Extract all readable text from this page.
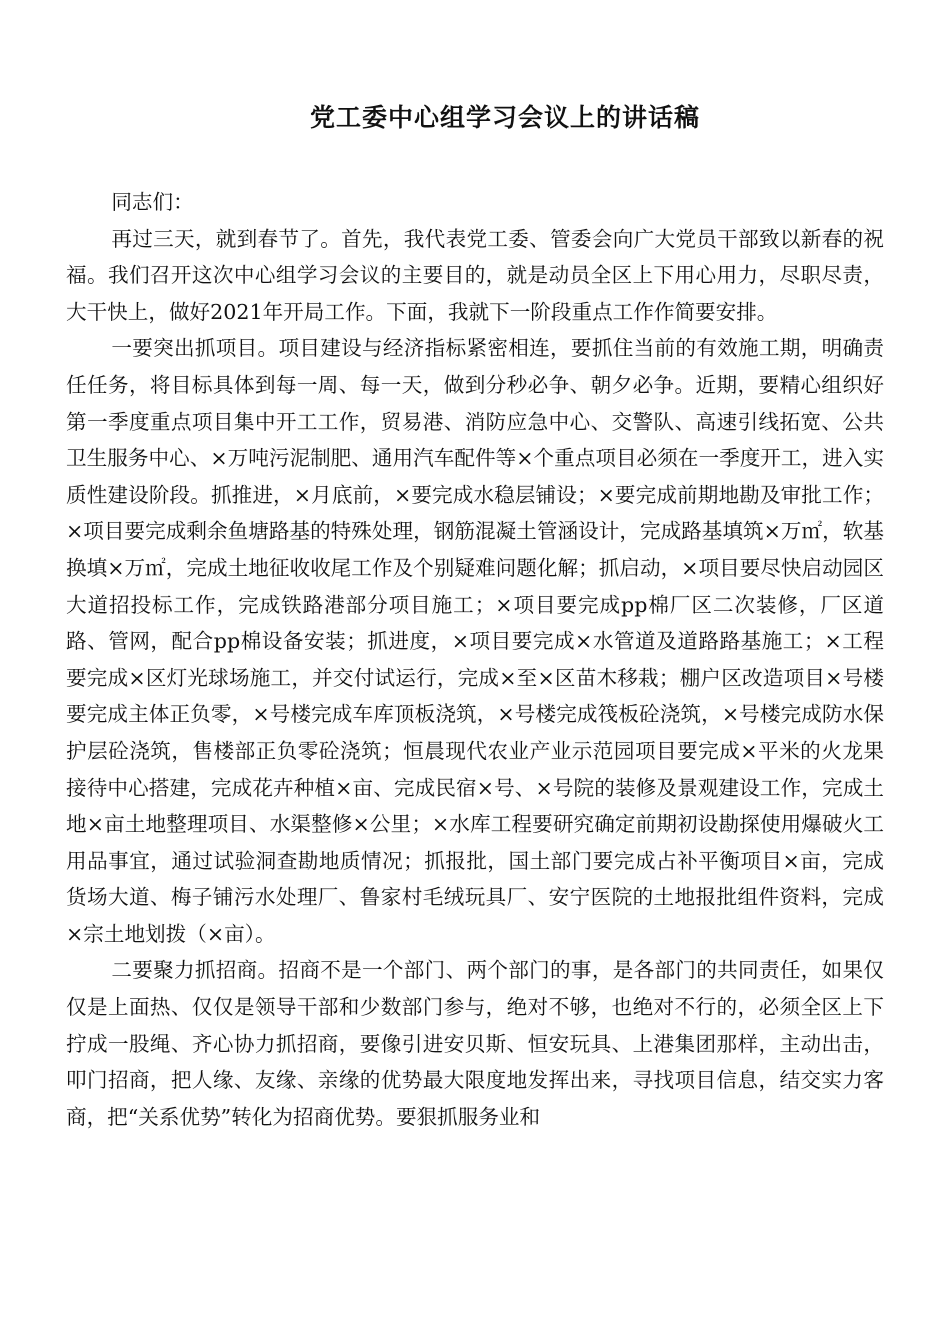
党工委中心组学习会议上的讲话稿

同志们：

再过三天，就到春节了。首先，我代表党工委、管委会向广大党员干部致以新春的祝福。我们召开这次中心组学习会议的主要目的，就是动员全区上下用心用力，尽职尽责，大干快上，做好2021年开局工作。下面，我就下一阶段重点工作作简要安排。

一要突出抓项目。项目建设与经济指标紧密相连，要抓住当前的有效施工期，明确责任任务，将目标具体到每一周、每一天，做到分秒必争、朝夕必争。近期，要精心组织好第一季度重点项目集中开工工作，贸易港、消防应急中心、交警队、高速引线拓宽、公共卫生服务中心、×万吨污泥制肥、通用汽车配件等×个重点项目必须在一季度开工，进入实质性建设阶段。抓推进，×月底前，×要完成水稳层铺设；×要完成前期地勘及审批工作；×项目要完成剩余鱼塘路基的特殊处理，钢筋混凝土管涵设计，完成路基填筑×万㎡，软基换填×万㎡，完成土地征收收尾工作及个别疑难问题化解；抓启动，×项目要尽快启动园区大道招投标工作，完成铁路港部分项目施工；×项目要完成pp棉厂区二次装修，厂区道路、管网，配合pp棉设备安装；抓进度，×项目要完成×水管道及道路路基施工；×工程要完成×区灯光球场施工，并交付试运行，完成×至×区苗木移栽；棚户区改造项目×号楼要完成主体正负零，×号楼完成车库顶板浇筑，×号楼完成筏板砼浇筑，×号楼完成防水保护层砼浇筑，售楼部正负零砼浇筑；恒晨现代农业产业示范园项目要完成×平米的火龙果接待中心搭建，完成花卉种植×亩、完成民宿×号、×号院的装修及景观建设工作，完成土地×亩土地整理项目、水渠整修×公里；×水库工程要研究确定前期初设勘探使用爆破火工用品事宜，通过试验洞查勘地质情况；抓报批，国土部门要完成占补平衡项目×亩，完成货场大道、梅子铺污水处理厂、鲁家村毛绒玩具厂、安宁医院的土地报批组件资料，完成×宗土地划拨（×亩）。

二要聚力抓招商。招商不是一个部门、两个部门的事，是各部门的共同责任，如果仅仅是上面热、仅仅是领导干部和少数部门参与，绝对不够，也绝对不行的，必须全区上下拧成一股绳、齐心协力抓招商，要像引进安贝斯、恒安玩具、上港集团那样，主动出击，叩门招商，把人缘、友缘、亲缘的优势最大限度地发挥出来，寻找项目信息，结交实力客商，把“关系优势”转化为招商优势。要狠抓服务业和
